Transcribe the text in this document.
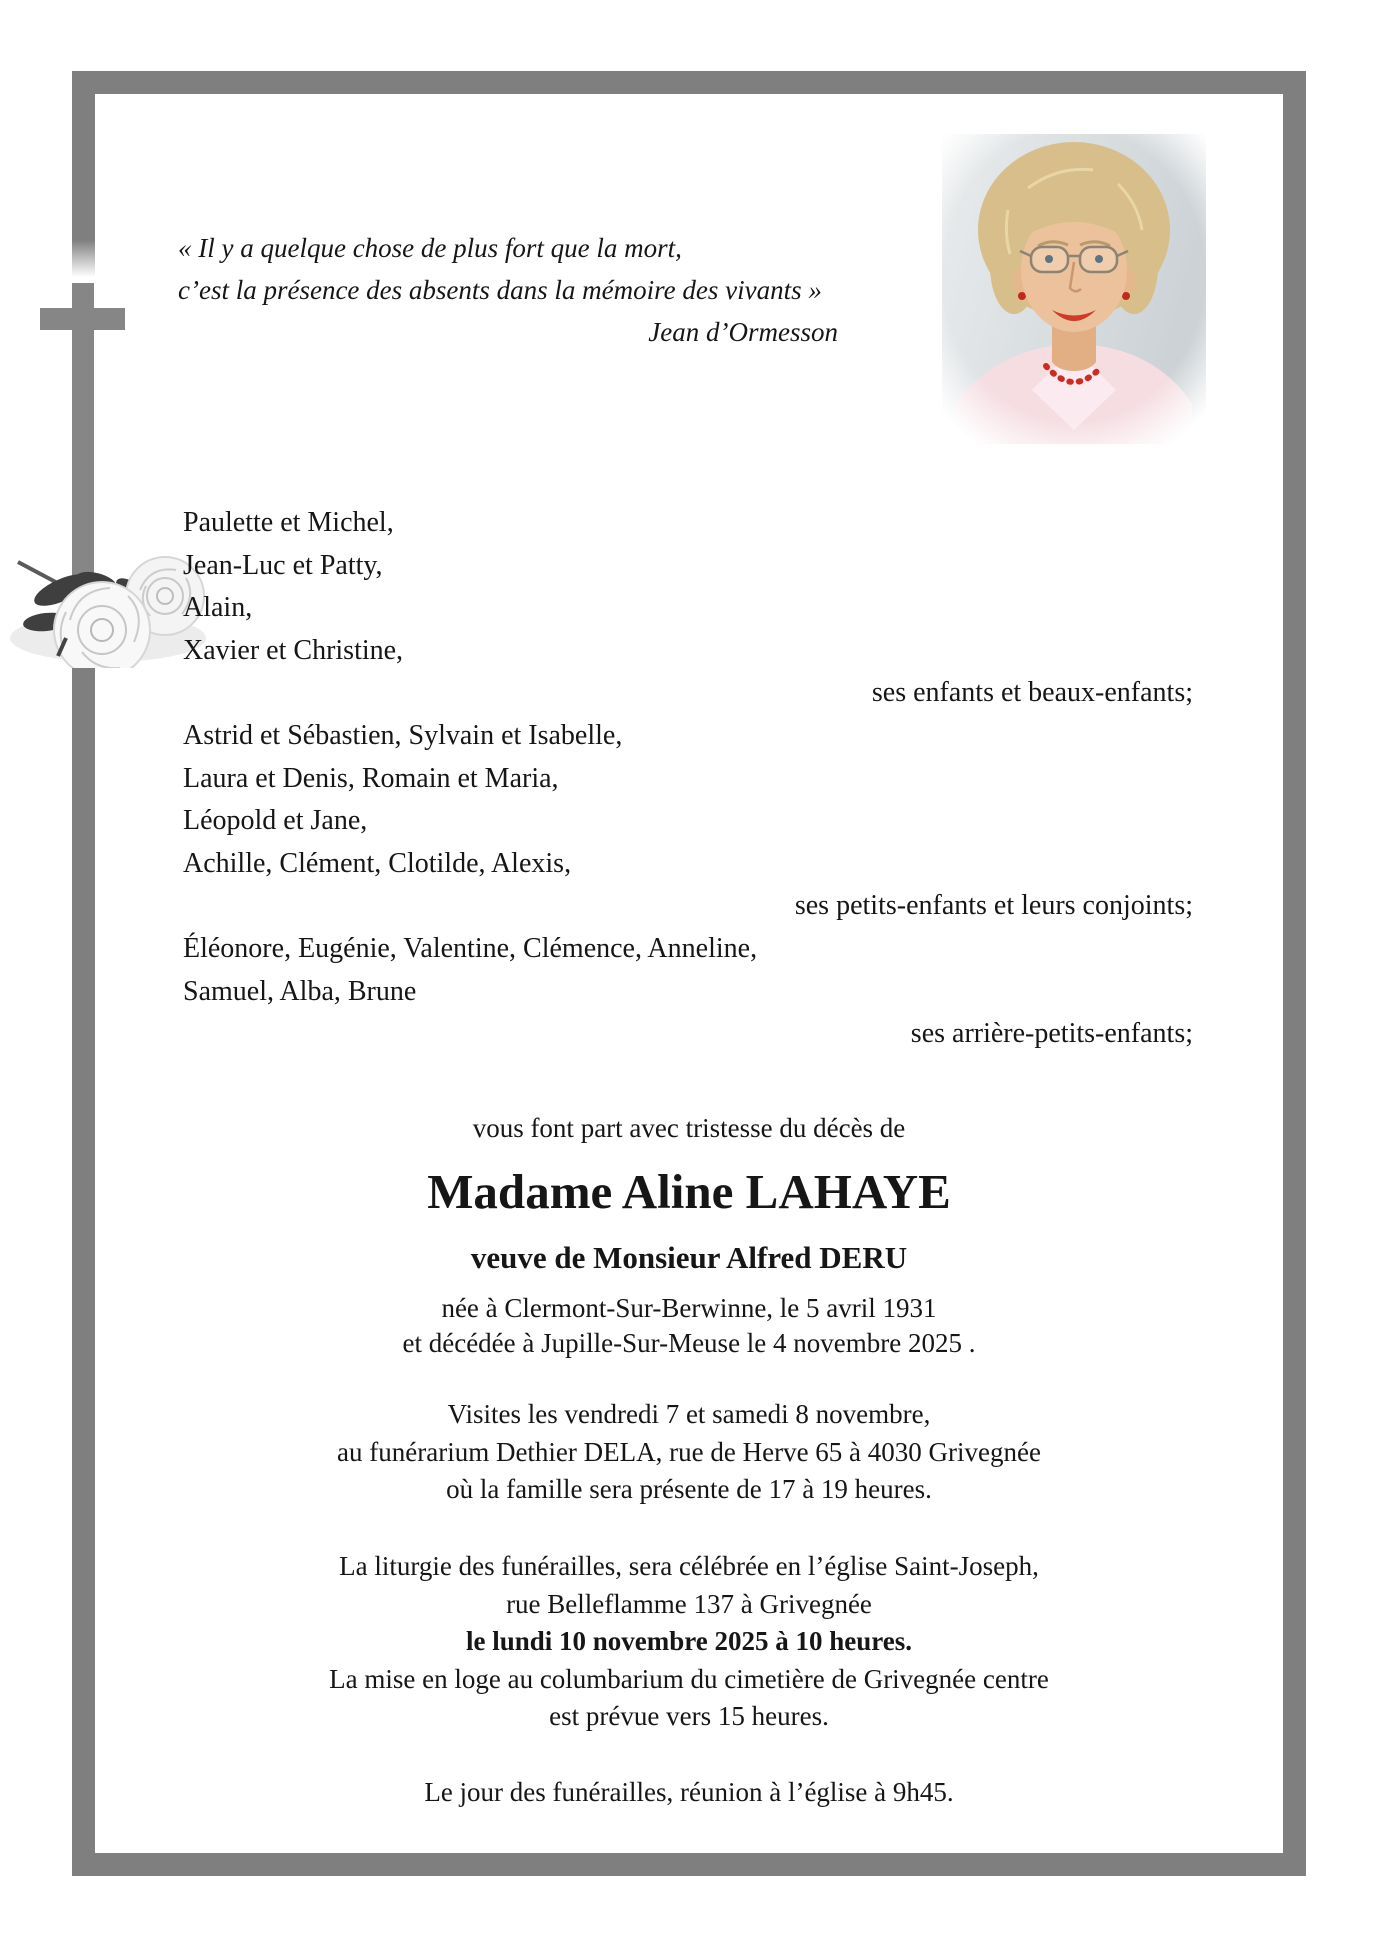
« Il y a quelque chose de plus fort que la mort,
c’est la présence des absents dans la mémoire des vivants »
Jean d’Ormesson
Paulette et Michel,
Jean-Luc et Patty,
Alain,
Xavier et Christine,
ses enfants et beaux-enfants;
Astrid et Sébastien, Sylvain et Isabelle,
Laura et Denis, Romain et Maria,
Léopold et Jane,
Achille, Clément, Clotilde, Alexis,
ses petits-enfants et leurs conjoints;
Éléonore, Eugénie, Valentine, Clémence, Anneline,
Samuel, Alba, Brune
ses arrière-petits-enfants;
vous font part avec tristesse du décès de
Madame Aline LAHAYE
veuve de Monsieur Alfred DERU
née à Clermont-Sur-Berwinne, le 5 avril 1931
et décédée à Jupille-Sur-Meuse le 4 novembre 2025 .
Visites les vendredi 7 et samedi 8 novembre,
au funérarium Dethier DELA, rue de Herve 65 à 4030 Grivegnée
où la famille sera présente de 17 à 19 heures.
La liturgie des funérailles, sera célébrée en l’église Saint-Joseph,
rue Belleflamme 137 à Grivegnée
le lundi 10 novembre 2025 à 10 heures.
La mise en loge au columbarium du cimetière de Grivegnée centre
est prévue vers 15 heures.
Le jour des funérailles, réunion à l’église à 9h45.
